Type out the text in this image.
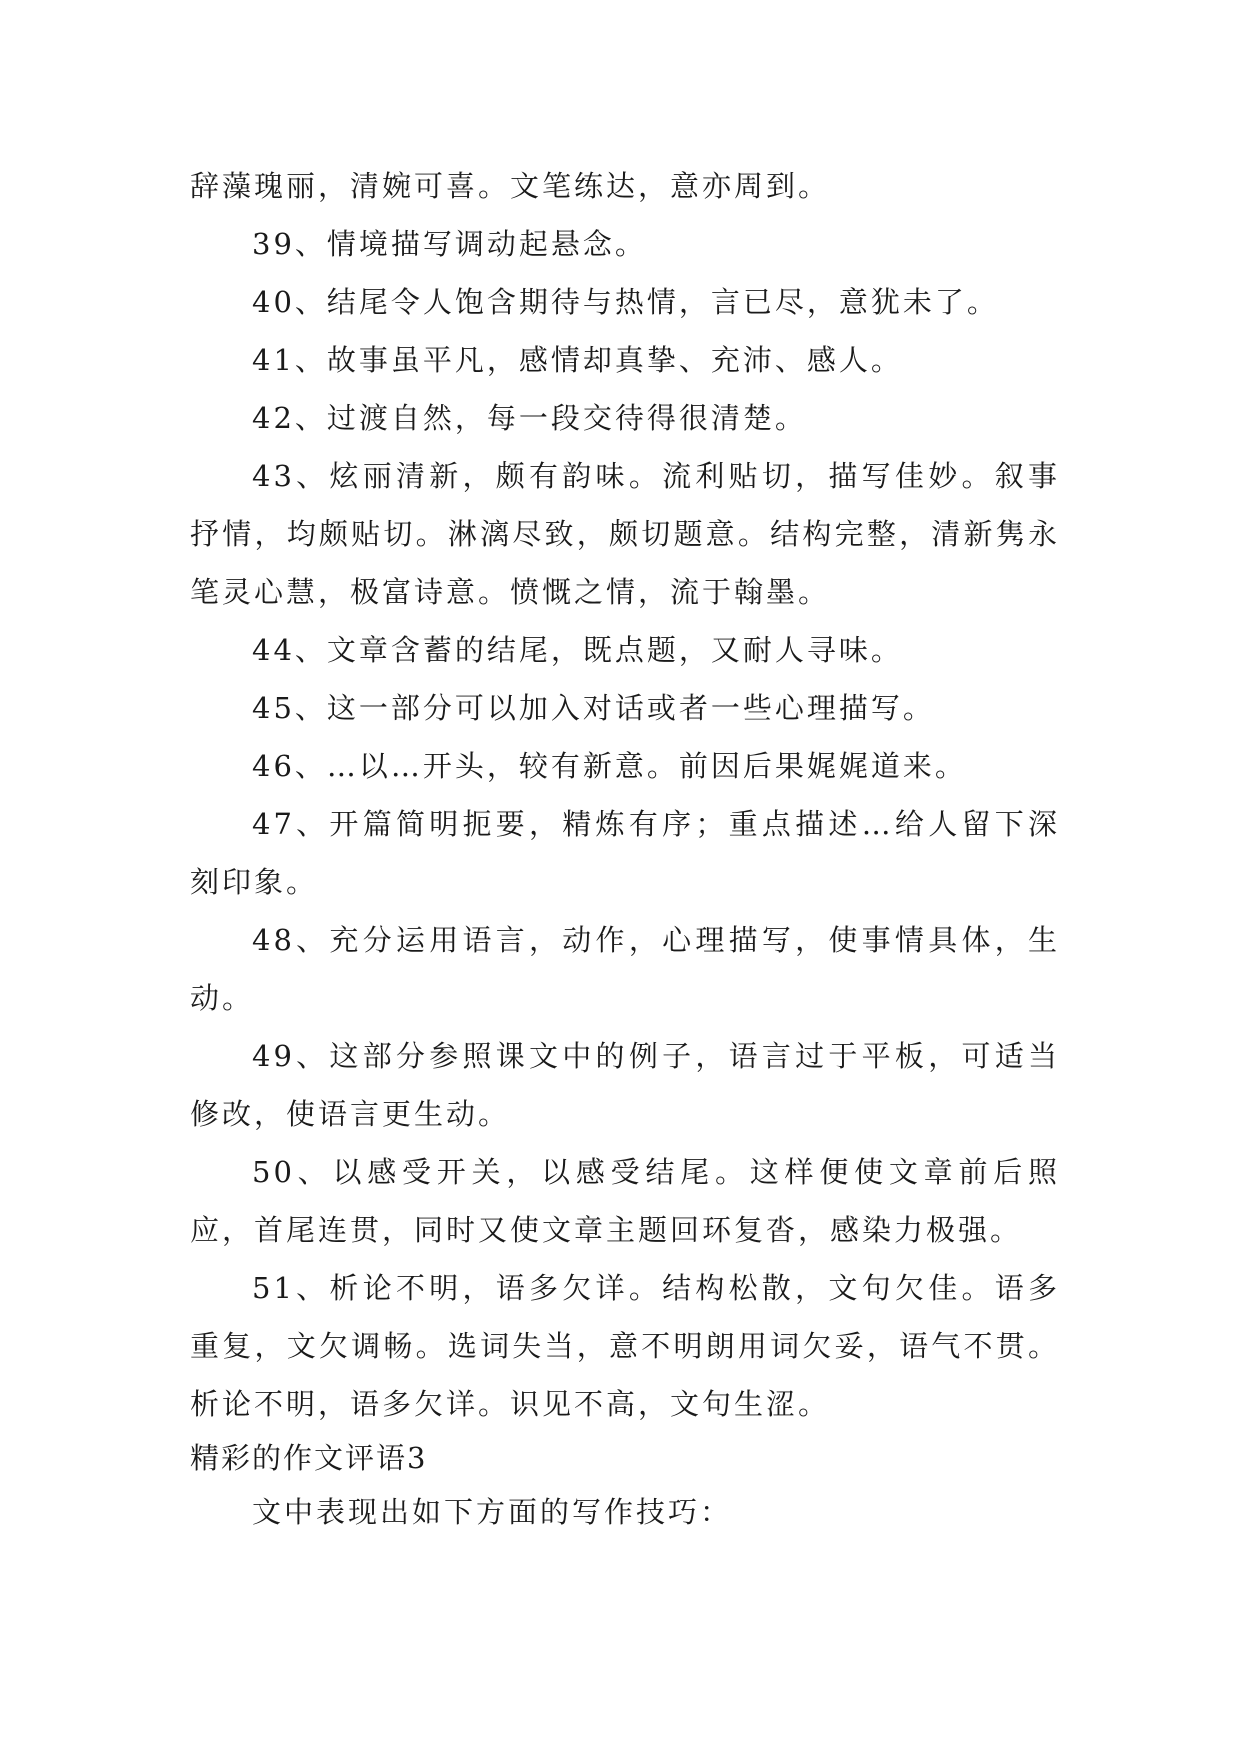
辞藻瑰丽，清婉可喜。文笔练达，意亦周到。

39、情境描写调动起悬念。

40、结尾令人饱含期待与热情，言已尽，意犹未了。

41、故事虽平凡，感情却真挚、充沛、感人。

42、过渡自然，每一段交待得很清楚。

43、炫丽清新，颇有韵味。流利贴切，描写佳妙。叙事抒情，均颇贴切。淋漓尽致，颇切题意。结构完整，清新隽永笔灵心慧，极富诗意。愤慨之情，流于翰墨。

44、文章含蓄的结尾，既点题，又耐人寻味。

45、这一部分可以加入对话或者一些心理描写。

46、…以…开头，较有新意。前因后果娓娓道来。

47、开篇简明扼要，精炼有序；重点描述…给人留下深刻印象。

48、充分运用语言，动作，心理描写，使事情具体，生动。

49、这部分参照课文中的例子，语言过于平板，可适当修改，使语言更生动。

50、以感受开关，以感受结尾。这样便使文章前后照应，首尾连贯，同时又使文章主题回环复沓，感染力极强。

51、析论不明，语多欠详。结构松散，文句欠佳。语多重复，文欠调畅。选词失当，意不明朗用词欠妥，语气不贯。析论不明，语多欠详。识见不高，文句生涩。

精彩的作文评语3

文中表现出如下方面的写作技巧：
